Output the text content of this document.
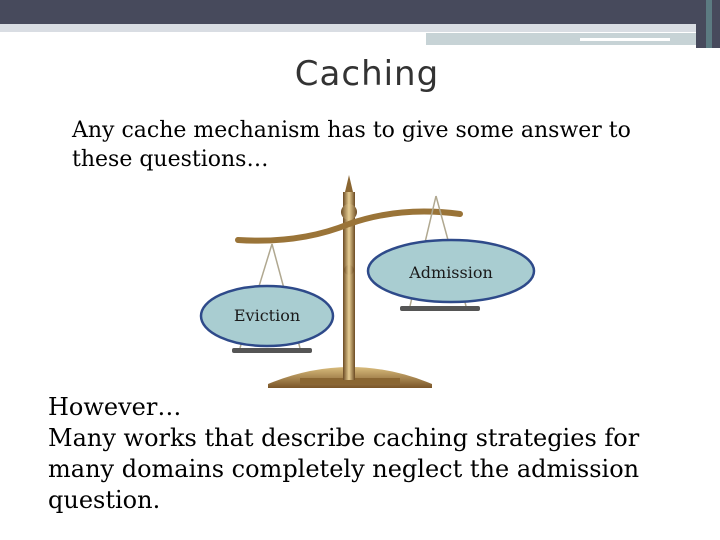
Caching
Any cache mechanism has to give some answer to these questions…
Admission
Eviction
However…
Many works that describe caching strategies for
many domains completely neglect the admission
question.
